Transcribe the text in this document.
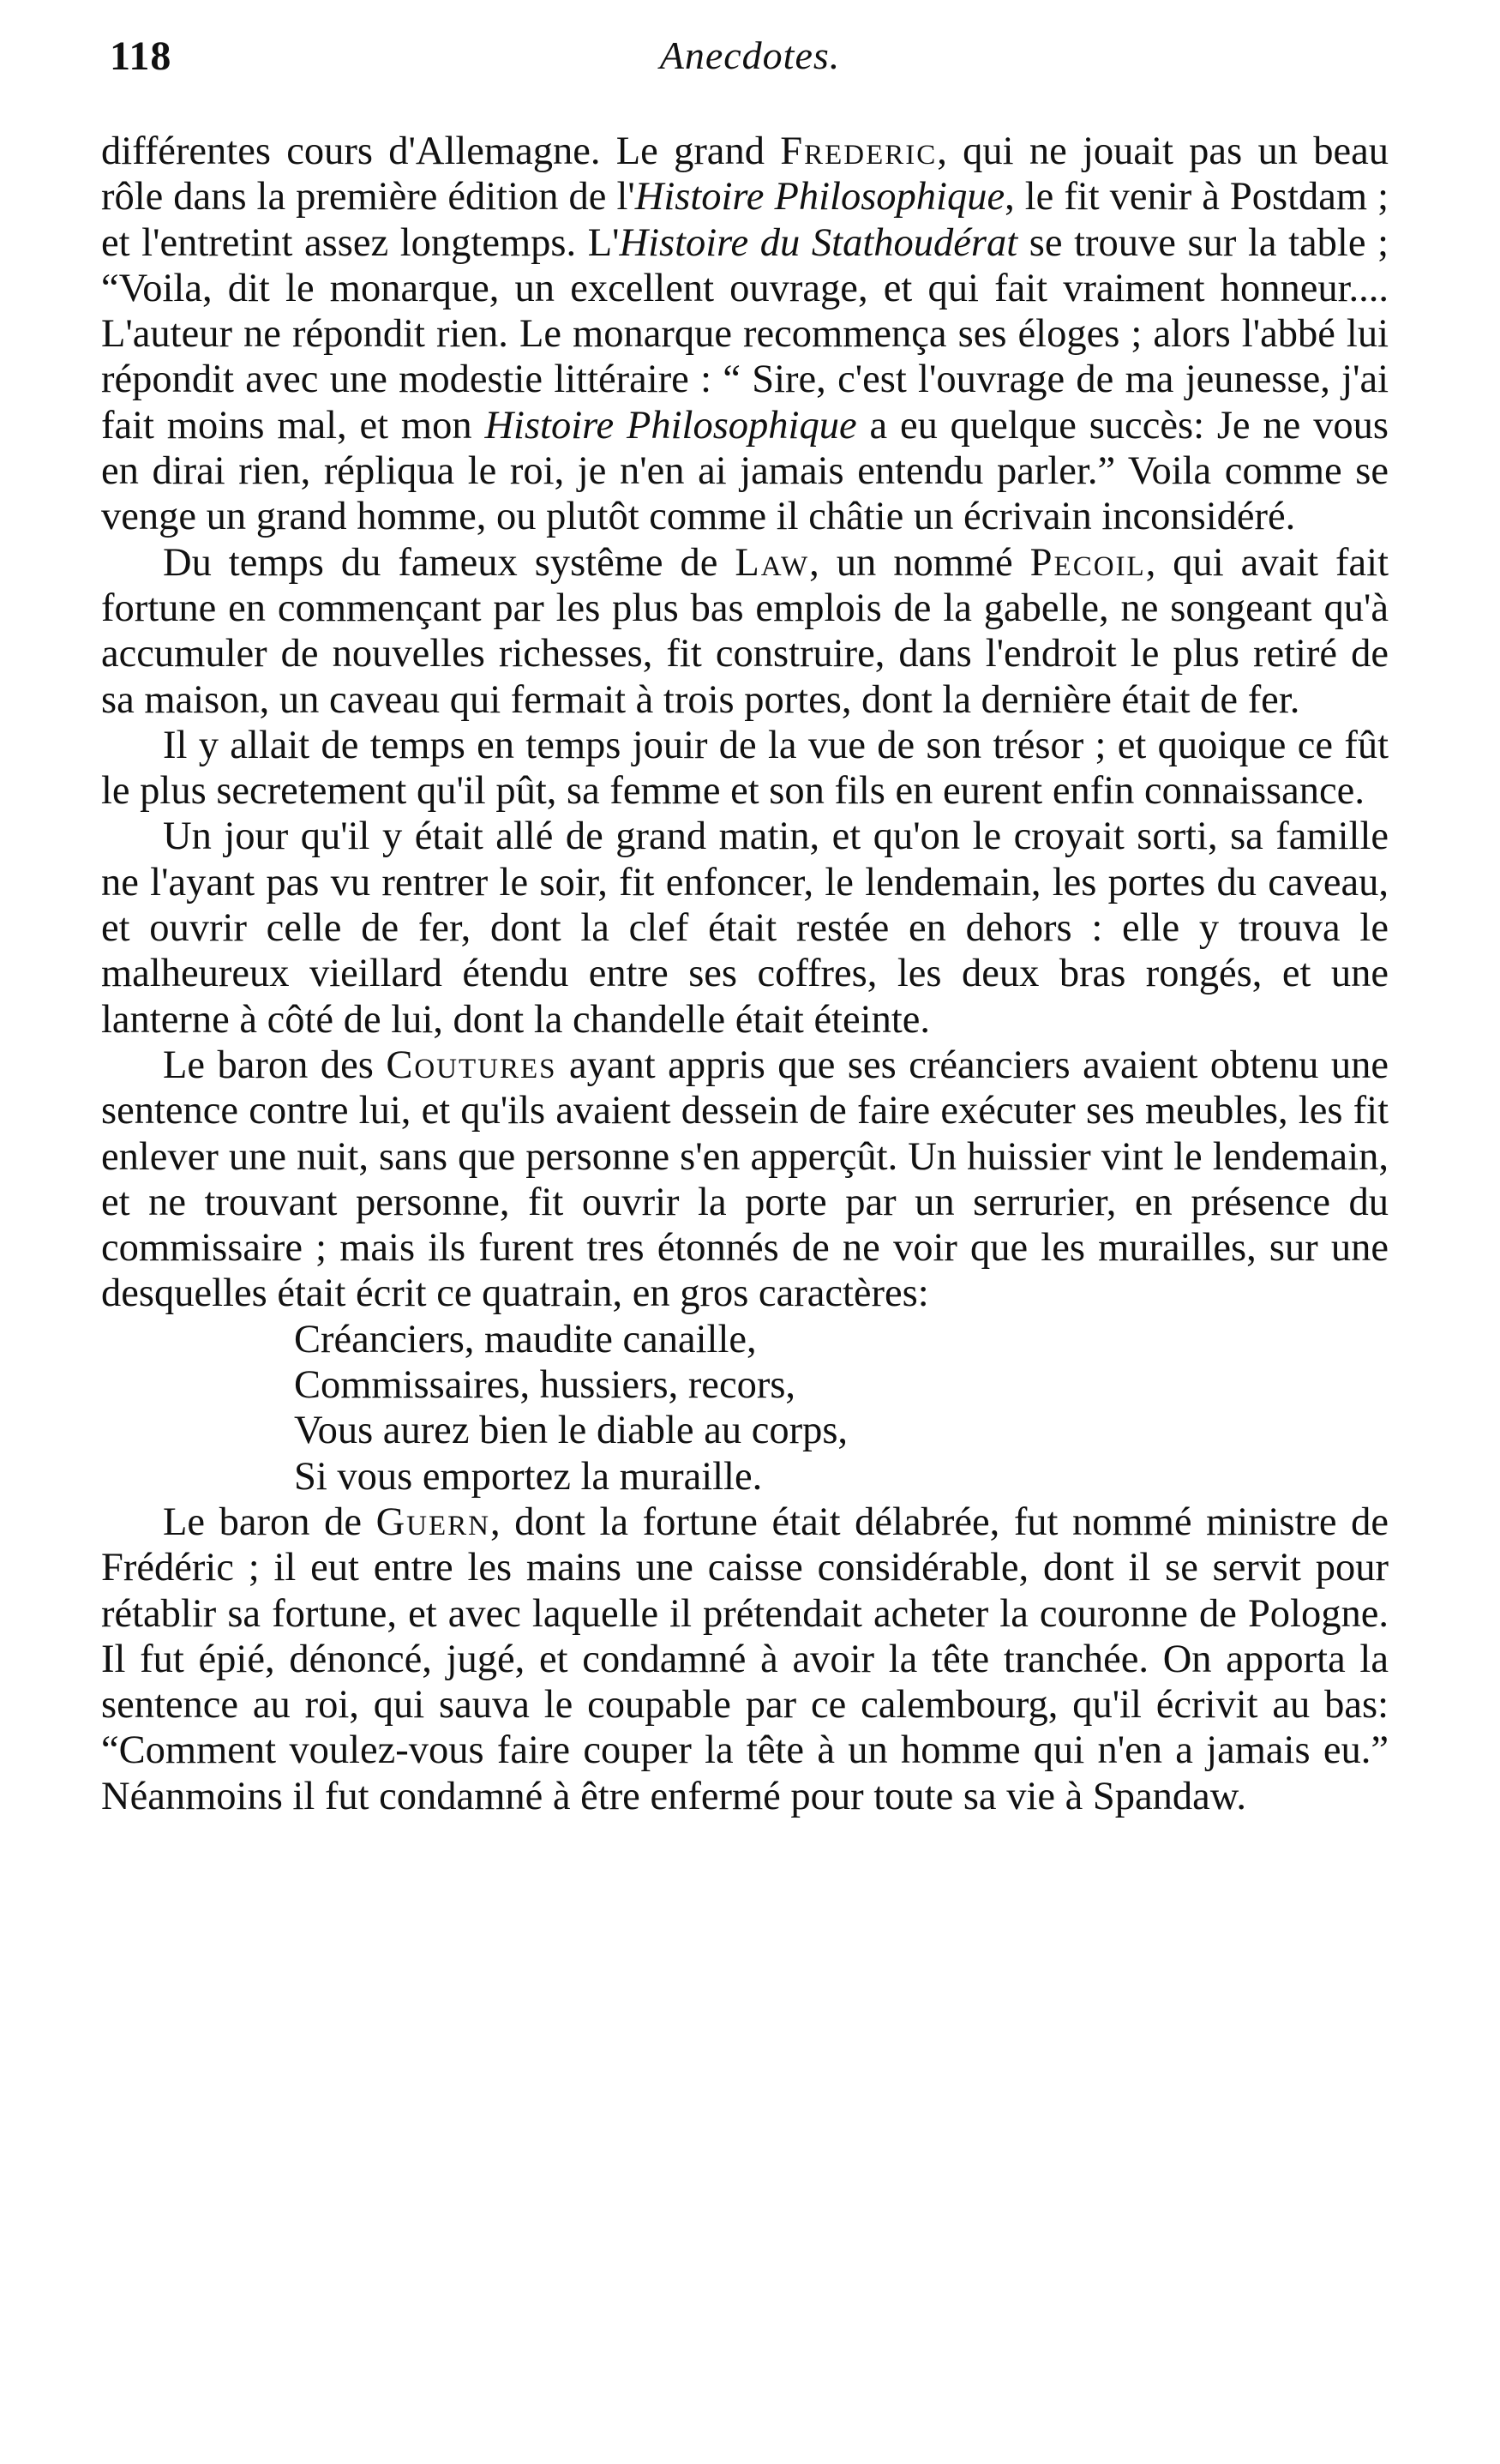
118	Anecdotes.

différentes cours d'Allemagne. Le grand Frederic, qui ne jouait pas un beau rôle dans la première édition de l'Histoire Philosophique, le fit venir à Postdam ; et l'entretint assez longtemps. L'Histoire du Stathoudérat se trouve sur la table ; “Voila, dit le monarque, un excellent ouvrage, et qui fait vraiment honneur.... L'auteur ne répondit rien. Le monarque recommença ses éloges ; alors l'abbé lui répondit avec une modestie littéraire : “ Sire, c'est l'ouvrage de ma jeunesse, j'ai fait moins mal, et mon Histoire Philosophique a eu quelque succès: Je ne vous en dirai rien, répliqua le roi, je n'en ai jamais entendu parler.” Voila comme se venge un grand homme, ou plutôt comme il châtie un écrivain inconsidéré.

Du temps du fameux systême de Law, un nommé Pecoil, qui avait fait fortune en commençant par les plus bas emplois de la gabelle, ne songeant qu'à accumuler de nouvelles richesses, fit construire, dans l'endroit le plus retiré de sa maison, un caveau qui fermait à trois portes, dont la dernière était de fer.

Il y allait de temps en temps jouir de la vue de son trésor ; et quoique ce fût le plus secretement qu'il pût, sa femme et son fils en eurent enfin connaissance.

Un jour qu'il y était allé de grand matin, et qu'on le croyait sorti, sa famille ne l'ayant pas vu rentrer le soir, fit enfoncer, le lendemain, les portes du caveau, et ouvrir celle de fer, dont la clef était restée en dehors : elle y trouva le malheureux vieillard étendu entre ses coffres, les deux bras rongés, et une lanterne à côté de lui, dont la chandelle était éteinte.

Le baron des Coutures ayant appris que ses créanciers avaient obtenu une sentence contre lui, et qu'ils avaient dessein de faire exécuter ses meubles, les fit enlever une nuit, sans que personne s'en apperçût. Un huissier vint le lendemain, et ne trouvant personne, fit ouvrir la porte par un serrurier, en présence du commissaire ; mais ils furent tres étonnés de ne voir que les murailles, sur une desquelles était écrit ce quatrain, en gros caractères:

Créanciers, maudite canaille,
Commissaires, hussiers, recors,
Vous aurez bien le diable au corps,
Si vous emportez la muraille.

Le baron de Guern, dont la fortune était délabrée, fut nommé ministre de Frédéric ; il eut entre les mains une caisse considérable, dont il se servit pour rétablir sa fortune, et avec laquelle il prétendait acheter la couronne de Pologne. Il fut épié, dénoncé, jugé, et condamné à avoir la tête tranchée. On apporta la sentence au roi, qui sauva le coupable par ce calembourg, qu'il écrivit au bas: “Comment voulez-vous faire couper la tête à un homme qui n'en a jamais eu.” Néanmoins il fut condamné à être enfermé pour toute sa vie à Spandaw.
